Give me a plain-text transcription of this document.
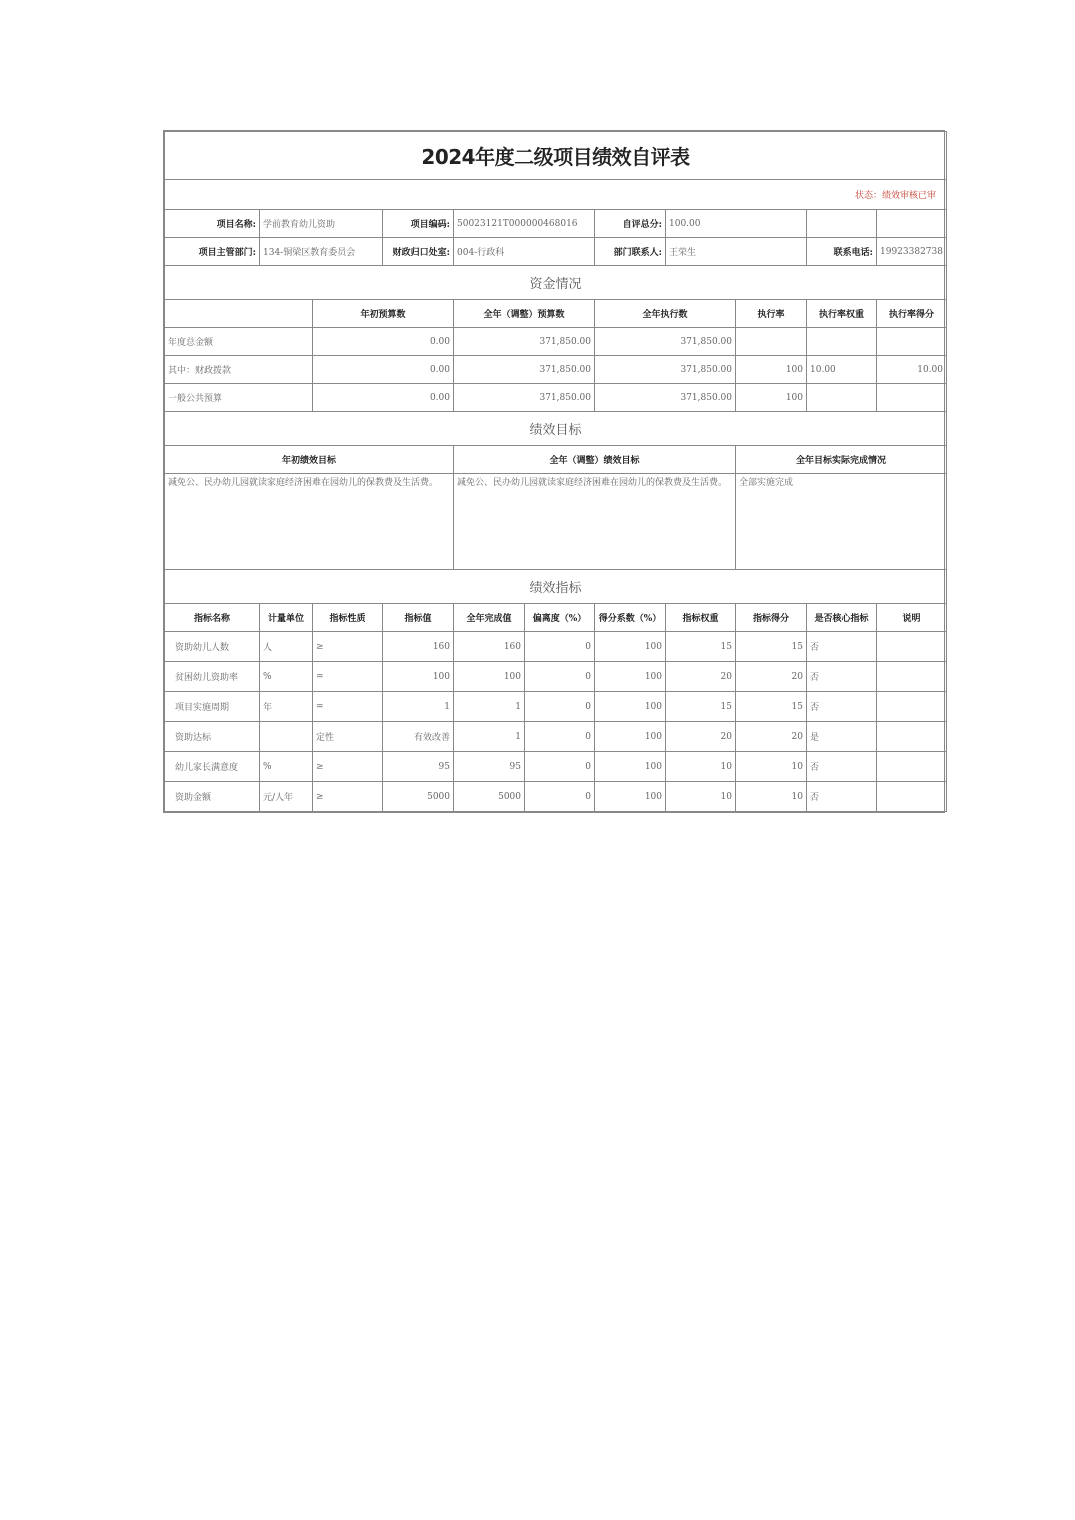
2024年度二级项目绩效自评表										
状态：绩效审核已审										
项目名称:	学前教育幼儿资助		项目编码:	50023121T000000468016		自评总分:	100.00			
项目主管部门:	134-铜梁区教育委员会		财政归口处室:	004-行政科		部门联系人:	王荣生		联系电话:	19923382738
资金情况										
		年初预算数		全年（调整）预算数		全年执行数		执行率	执行率权重	执行率得分
年度总金额		0.00		371,850.00		371,850.00				
其中：财政拨款		0.00		371,850.00		371,850.00		100	10.00	10.00
一般公共预算		0.00		371,850.00		371,850.00		100		
绩效目标										
年初绩效目标				全年（调整）绩效目标				全年目标实际完成情况		
减免公、民办幼儿园就读家庭经济困难在园幼儿的保教费及生活费。				减免公、民办幼儿园就读家庭经济困难在园幼儿的保教费及生活费。				全部实施完成		
绩效指标										
指标名称	计量单位	指标性质	指标值	全年完成值	偏离度（%）	得分系数（%）	指标权重	指标得分	是否核心指标	说明
资助幼儿人数	人	≥	160	160	0	100	15	15	否	
贫困幼儿资助率	%	=	100	100	0	100	20	20	否	
项目实施周期	年	=	1	1	0	100	15	15	否	
资助达标		定性	有效改善	1	0	100	20	20	是	
幼儿家长满意度	%	≥	95	95	0	100	10	10	否	
资助金额	元/人年	≥	5000	5000	0	100	10	10	否	
